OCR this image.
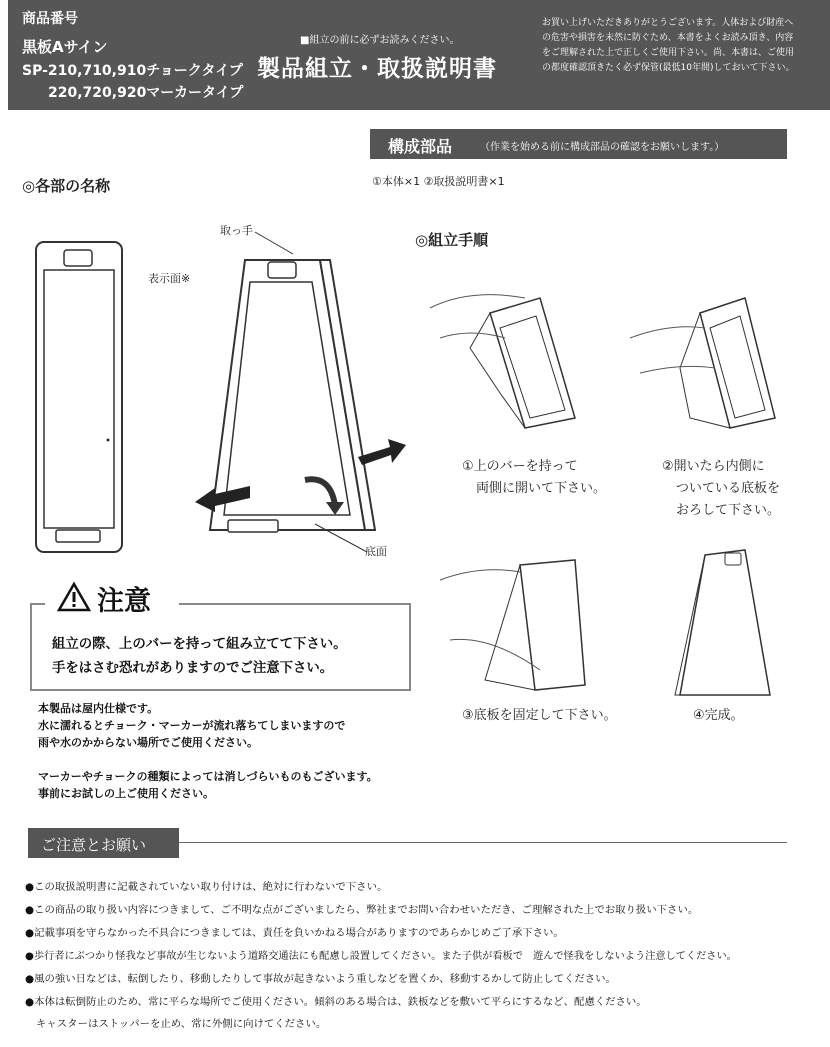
商品番号
黒板Aサイン
SP-210,710,910チョークタイプ
220,720,920マーカータイプ
■組立の前に必ずお読みください。
製品組立・取扱説明書
お買い上げいただきありがとうございます。人体および財産への危害や損害を未然に防ぐため、本書をよくお読み頂き、内容をご理解された上で正しくご使用下さい。尚、本書は、ご使用の都度確認頂きたく必ず保管(最低10年間)しておいて下さい。
構成部品	（作業を始める前に構成部品の確認をお願いします。）
①本体×1 ②取扱説明書×1
◎各部の名称
取っ手
表示面※
底面
◎組立手順
①上のバーを持って
両側に開いて下さい。
②開いたら内側に
ついている底板を
おろして下さい。
③底板を固定して下さい。	④完成。
注意
組立の際、上のバーを持って組み立てて下さい。
手をはさむ恐れがありますのでご注意下さい。
本製品は屋内仕様です。
水に濡れるとチョーク・マーカーが流れ落ちてしまいますので
雨や水のかからない場所でご使用ください。
マーカーやチョークの種類によっては消しづらいものもございます。
事前にお試しの上ご使用ください。
ご注意とお願い
●この取扱説明書に記載されていない取り付けは、絶対に行わないで下さい。
●この商品の取り扱い内容につきまして、ご不明な点がございましたら、弊社までお問い合わせいただき、ご理解された上でお取り扱い下さい。
●記載事項を守らなかった不具合につきましては、責任を負いかねる場合がありますのであらかじめご了承下さい。
●歩行者にぶつかり怪我など事故が生じないよう道路交通法にも配慮し設置してください。また子供が看板で　遊んで怪我をしないよう注意してください。
●風の強い日などは、転倒したり、移動したりして事故が起きないよう重しなどを置くか、移動するかして防止してください。
●本体は転倒防止のため、常に平らな場所でご使用ください。傾斜のある場合は、鉄板などを敷いて平らにするなど、配慮ください。
キャスターはストッパーを止め、常に外側に向けてください。
